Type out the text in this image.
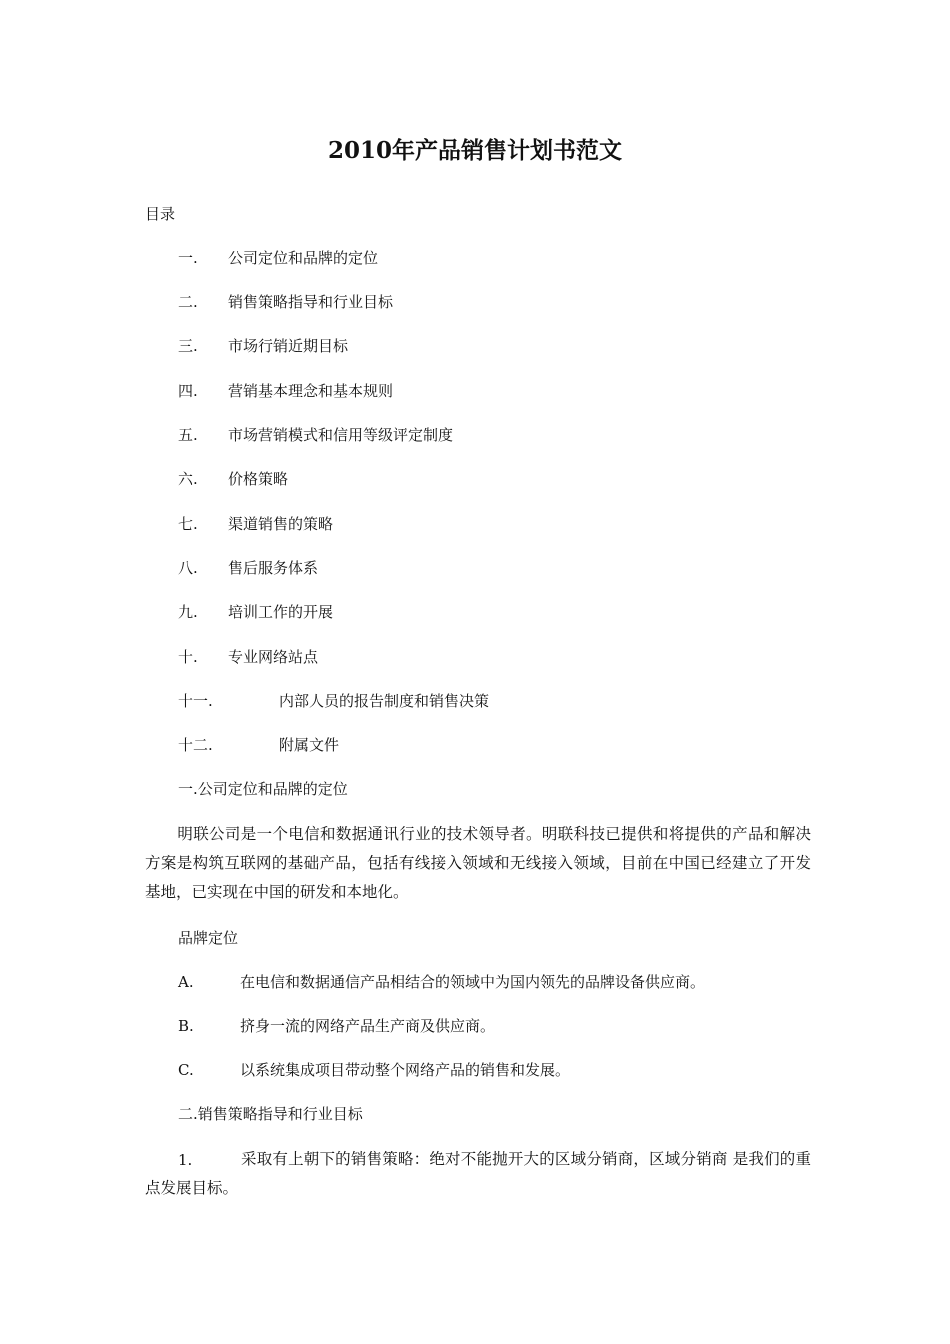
2010年产品销售计划书范文
目录
一. 公司定位和品牌的定位
二. 销售策略指导和行业目标
三. 市场行销近期目标
四. 营销基本理念和基本规则
五. 市场营销模式和信用等级评定制度
六. 价格策略
七. 渠道销售的策略
八. 售后服务体系
九. 培训工作的开展
十. 专业网络站点
十一.	内部人员的报告制度和销售决策
十二.	附属文件
一.公司定位和品牌的定位
明联公司是一个电信和数据通讯行业的技术领导者。明联科技已提供和将提供的产品和解决方案是构筑互联网的基础产品，包括有线接入领域和无线接入领域，目前在中国已经建立了开发基地，已实现在中国的研发和本地化。
品牌定位
A.	在电信和数据通信产品相结合的领域中为国内领先的品牌设备供应商。
B.	挤身一流的网络产品生产商及供应商。
C.	以系统集成项目带动整个网络产品的销售和发展。
二.销售策略指导和行业目标
1.	采取有上朝下的销售策略：绝对不能抛开大的区域分销商，区域分销商 是我们的重点发展目标。
